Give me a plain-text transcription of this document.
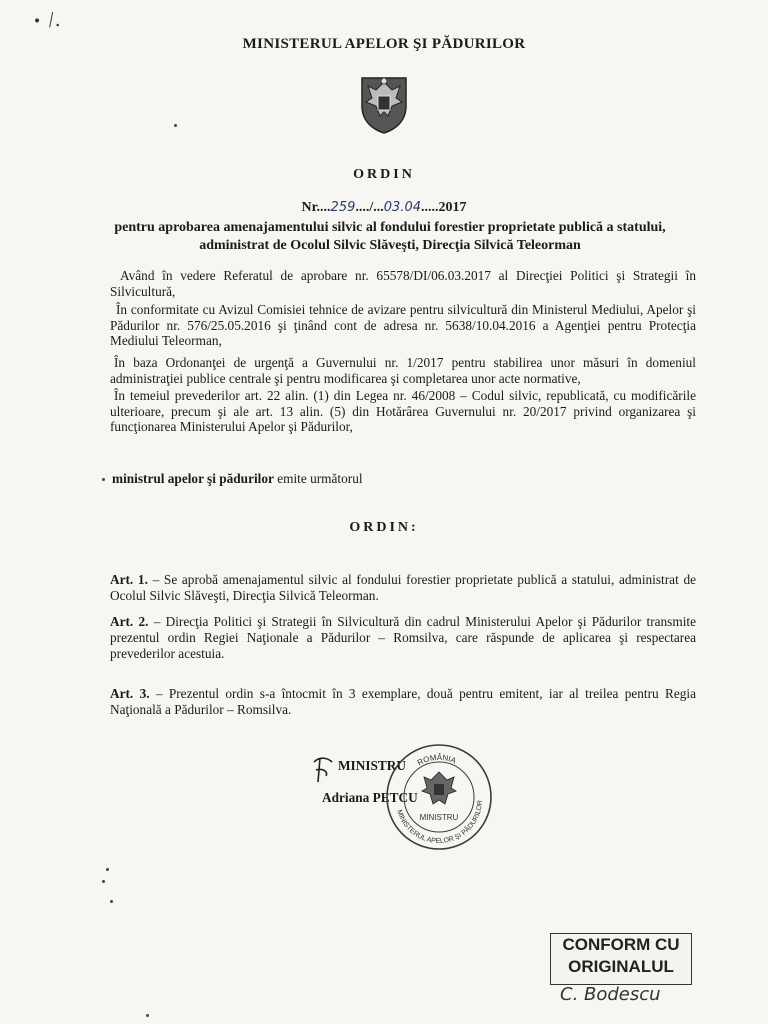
・/.
MINISTERUL APELOR ŞI PĂDURILOR
ORDIN
Nr....259..../...03.04.....2017
pentru aprobarea amenajamentului silvic al fondului forestier proprietate publică a statului, administrat de Ocolul Silvic Slăveşti, Direcţia Silvică Teleorman
Având în vedere Referatul de aprobare nr. 65578/DI/06.03.2017 al Direcţiei Politici şi Strategii în Silvicultură,
În conformitate cu Avizul Comisiei tehnice de avizare pentru silvicultură din Ministerul Mediului, Apelor şi Pădurilor nr. 576/25.05.2016 şi ţinând cont de adresa nr. 5638/10.04.2016 a Agenţiei pentru Protecţia Mediului Teleorman,
În baza Ordonanţei de urgenţă a Guvernului nr. 1/2017 pentru stabilirea unor măsuri în domeniul administraţiei publice centrale şi pentru modificarea şi completarea unor acte normative,
În temeiul prevederilor art. 22 alin. (1) din Legea nr. 46/2008 – Codul silvic, republicată, cu modificările ulterioare, precum şi ale art. 13 alin. (5) din Hotărârea Guvernului nr. 20/2017 privind organizarea şi funcţionarea Ministerului Apelor şi Pădurilor,
ministrul apelor şi pădurilor emite următorul
ORDIN:
Art. 1. – Se aprobă amenajamentul silvic al fondului forestier proprietate publică a statului, administrat de Ocolul Silvic Slăveşti, Direcţia Silvică Teleorman.
Art. 2. – Direcţia Politici şi Strategii în Silvicultură din cadrul Ministerului Apelor şi Pădurilor transmite prezentul ordin Regiei Naţionale a Pădurilor – Romsilva, care răspunde de aplicarea şi respectarea prevederilor acestuia.
Art. 3. – Prezentul ordin s-a întocmit în 3 exemplare, două pentru emitent, iar al treilea pentru Regia Naţională a Pădurilor – Romsilva.
MINISTRU
Adriana PETCU
ROMÂNIA
MINISTERUL APELOR ŞI PĂDURILOR
MINISTRU
CONFORM CU
ORIGINALUL
C. Bodescu
